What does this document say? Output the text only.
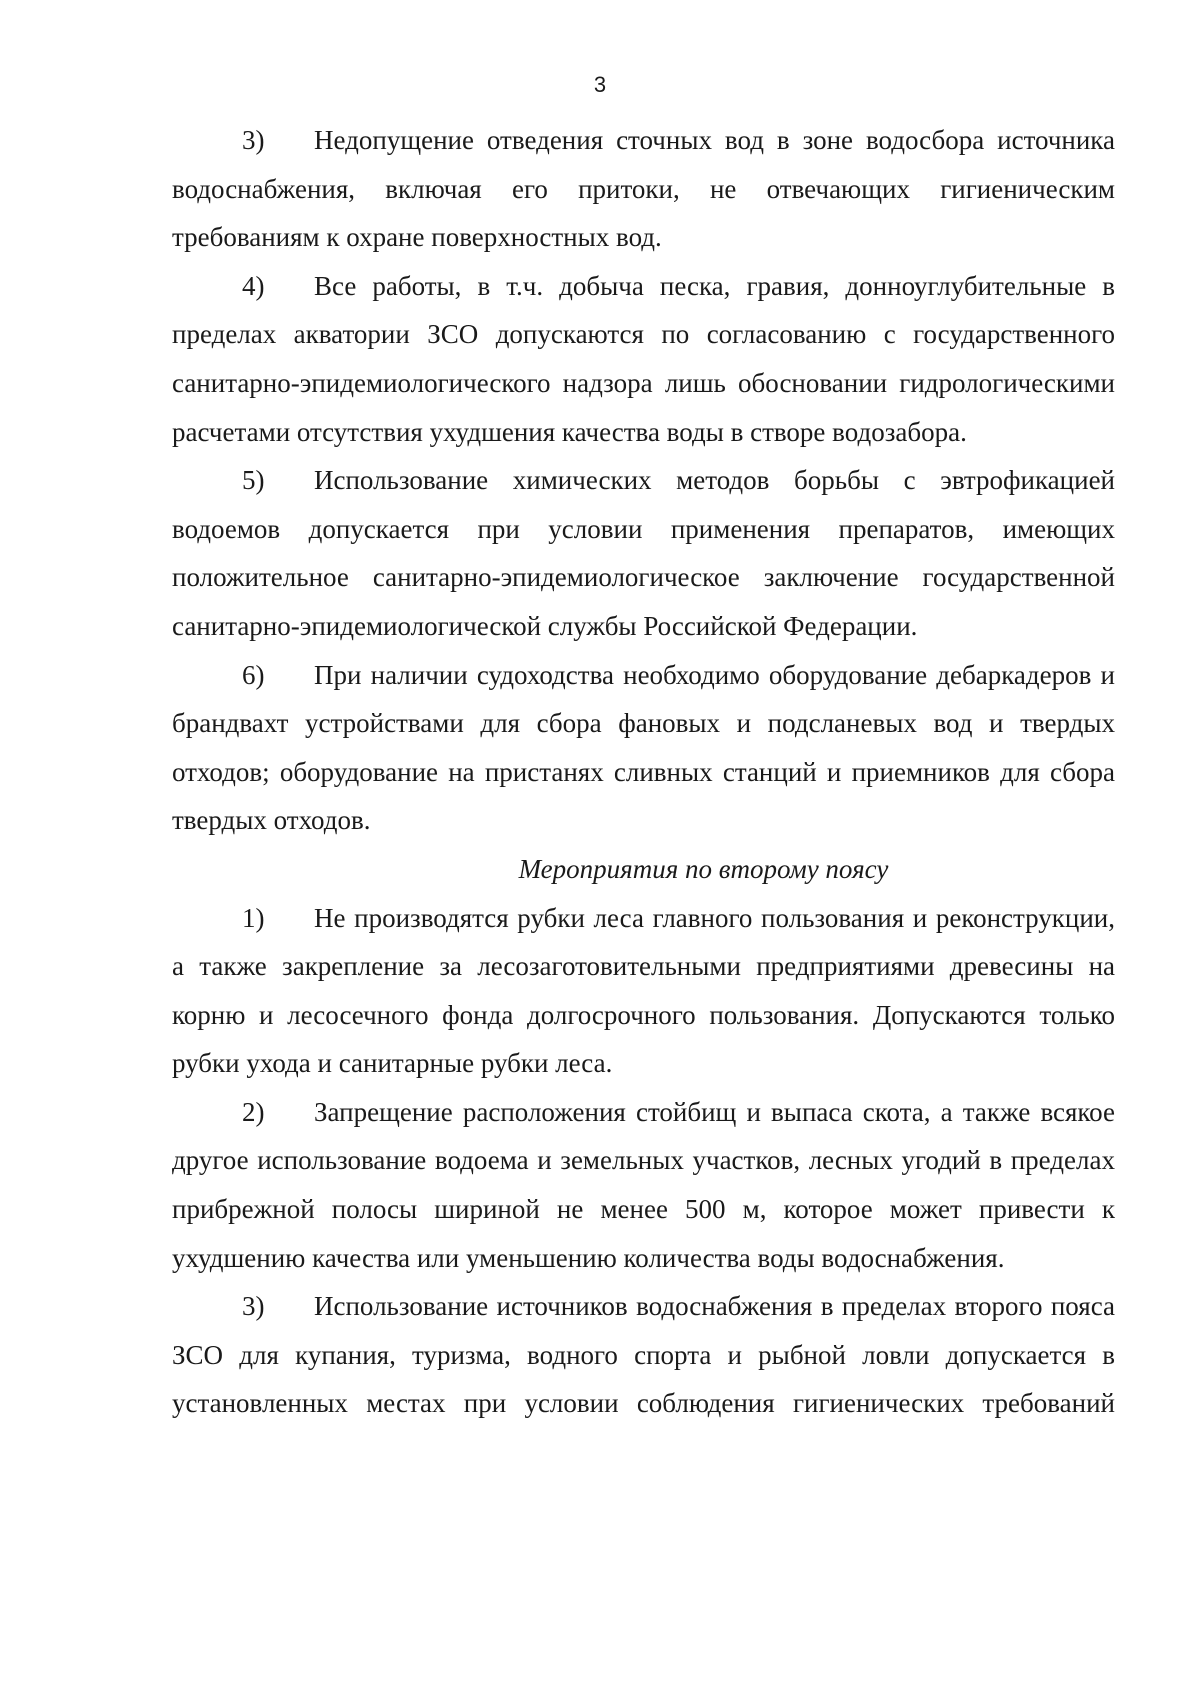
3

3) Недопущение отведения сточных вод в зоне водосбора источника водоснабжения, включая его притоки, не отвечающих гигиеническим требованиям к охране поверхностных вод.

4) Все работы, в т.ч. добыча песка, гравия, донноуглубительные в пределах акватории ЗСО допускаются по согласованию с государственного санитарно-эпидемиологического надзора лишь обосновании гидрологическими расчетами отсутствия ухудшения качества воды в створе водозабора.

5) Использование химических методов борьбы с эвтрофикацией водоемов допускается при условии применения препаратов, имеющих положительное санитарно-эпидемиологическое заключение государственной санитарно-эпидемиологической службы Российской Федерации.

6) При наличии судоходства необходимо оборудование дебаркадеров и брандвахт устройствами для сбора фановых и подсланевых вод и твердых отходов; оборудование на пристанях сливных станций и приемников для сбора твердых отходов.

Мероприятия по второму поясу

1) Не производятся рубки леса главного пользования и реконструкции, а также закрепление за лесозаготовительными предприятиями древесины на корню и лесосечного фонда долгосрочного пользования. Допускаются только рубки ухода и санитарные рубки леса.

2) Запрещение расположения стойбищ и выпаса скота, а также всякое другое использование водоема и земельных участков, лесных угодий в пределах прибрежной полосы шириной не менее 500 м, которое может привести к ухудшению качества или уменьшению количества воды водоснабжения.

3) Использование источников водоснабжения в пределах второго пояса ЗСО для купания, туризма, водного спорта и рыбной ловли допускается в установленных местах при условии соблюдения гигиенических требований
